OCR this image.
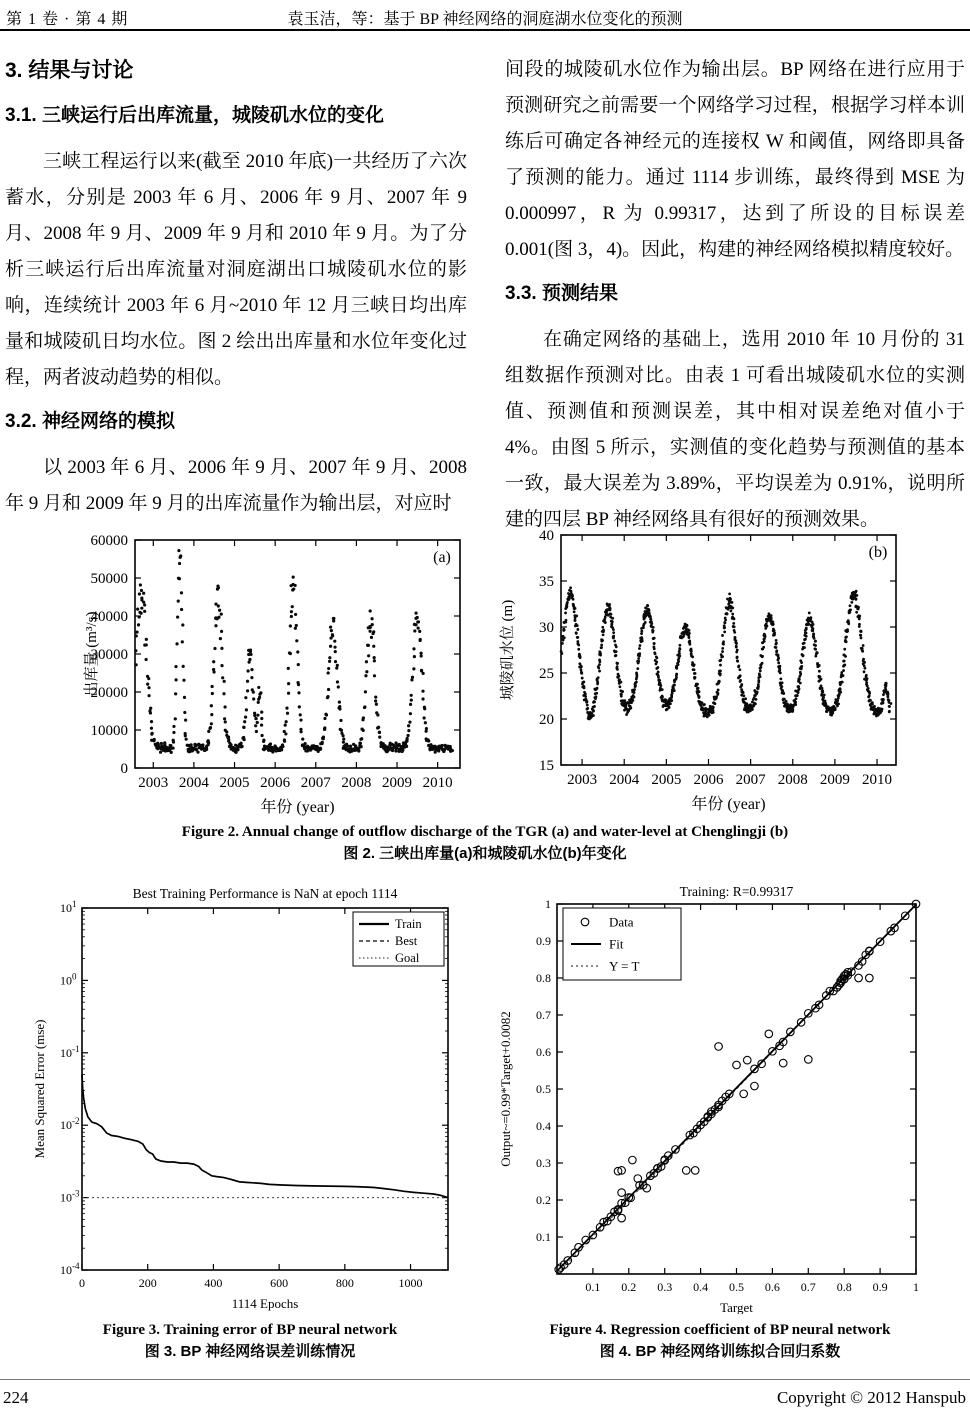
第 1 卷 · 第 4 期	袁玉洁，等：基于 BP 神经网络的洞庭湖水位变化的预测
3. 结果与讨论
3.1. 三峡运行后出库流量，城陵矶水位的变化

三峡工程运行以来(截至 2010 年底)一共经历了六次蓄水，分别是 2003 年 6 月、2006 年 9 月、2007 年 9 月、2008 年 9 月、2009 年 9 月和 2010 年 9 月。为了分析三峡运行后出库流量对洞庭湖出口城陵矶水位的影响，连续统计 2003 年 6 月~2010 年 12 月三峡日均出库量和城陵矶日均水位。图 2 绘出出库量和水位年变化过程，两者波动趋势的相似。

3.2. 神经网络的模拟

以 2003 年 6 月、2006 年 9 月、2007 年 9 月、2008 年 9 月和 2009 年 9 月的出库流量作为输出层，对应时

间段的城陵矶水位作为输出层。BP 网络在进行应用于预测研究之前需要一个网络学习过程，根据学习样本训练后可确定各神经元的连接权 W 和阈值，网络即具备了预测的能力。通过 1114 步训练，最终得到 MSE 为 0.000997，R 为 0.99317，达到了所设的目标误差 0.001(图 3，4)。因此，构建的神经网络模拟精度较好。

3.3. 预测结果

在确定网络的基础上，选用 2010 年 10 月份的 31 组数据作预测对比。由表 1 可看出城陵矶水位的实测值、预测值和预测误差，其中相对误差绝对值小于 4%。由图 5 所示，实测值的变化趋势与预测值的基本一致，最大误差为 3.89%，平均误差为 0.91%，说明所建的四层 BP 神经网络具有很好的预测效果。

2003 2004 2005 2006 2007 2008 2009 2010
0
10000
20000
30000
40000
50000
60000
年份 (year)
出库量 (m³/s)
(a)
2003 2004 2005 2006 2007 2008 2009 2010
15
20
25
30
35
40
年份 (year)
城陵矶水位 (m)
(b)
Figure 2. Annual change of outflow discharge of the TGR (a) and water-level at Chenglingji (b)
图 2. 三峡出库量(a)和城陵矶水位(b)年变化
0	200	400	600	800	1000
$10^1$
$10^0$
$10^{-1}$
$10^{-2}$
$10^{-3}$
$10^{-4}$
Best Training Performance is NaN at epoch 1114
1114 Epochs
Mean Squared Error (mse)
Train
Best
Goal
0.1
0.1
0.2
0.2
0.3
0.3
0.4
0.4
0.5
0.5
0.6
0.6
0.7
0.7
0.8
0.8
0.9
0.9
1
1
Training: R=0.99317
Target
Output~=0.99*Target+0.0082
Data
Fit
Y = T
Figure 3. Training error of BP neural network
图 3. BP 神经网络误差训练情况
Figure 4. Regression coefficient of BP neural network
图 4. BP 神经网络训练拟合回归系数
224	Copyright © 2012 Hanspub
